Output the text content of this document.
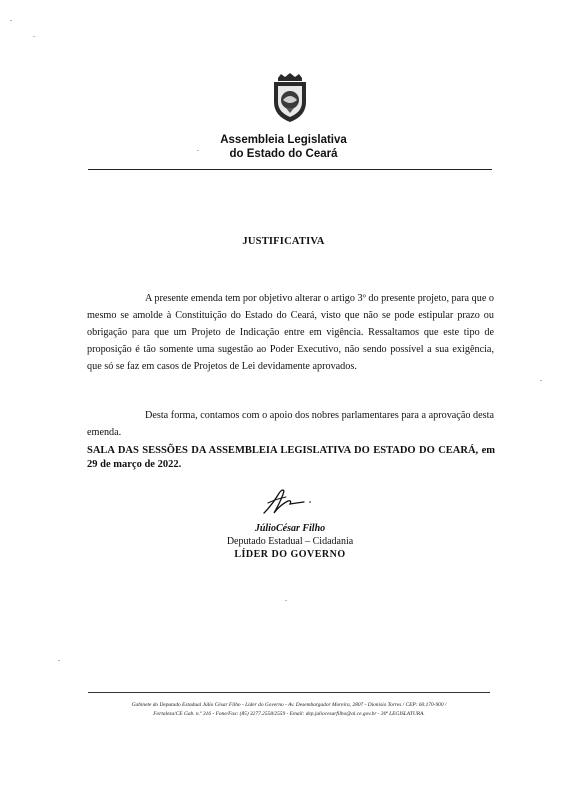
Assembleia Legislativa
do Estado do Ceará
JUSTIFICATIVA
A presente emenda tem por objetivo alterar o artigo 3º do presente projeto, para que o mesmo se amolde à Constituição do Estado do Ceará, visto que não se pode estipular prazo ou obrigação para que um Projeto de Indicação entre em vigência. Ressaltamos que este tipo de proposição é tão somente uma sugestão ao Poder Executivo, não sendo possível a sua exigência, que só se faz em casos de Projetos de Lei devidamente aprovados.
Desta forma, contamos com o apoio dos nobres parlamentares para a aprovação desta emenda.
SALA DAS SESSÕES DA ASSEMBLEIA LEGISLATIVA DO ESTADO DO CEARÁ, em 29 de março de 2022.
JúlioCésar Filho
Deputado Estadual – Cidadania
LÍDER DO GOVERNO
Gabinete do Deputado Estadual Júlio César Filho - Líder do Governo - Av. Desembargador Moreira, 2807 - Dionísio Torres / CEP: 60.170-900 /
Fortaleza/CE Gab. n.º 316 - Fone/Fax: (85) 3277.2558/2559 - Email: dep.juliocesarfilho@al.ce.gov.br - 30ª LEGISLATURA.
